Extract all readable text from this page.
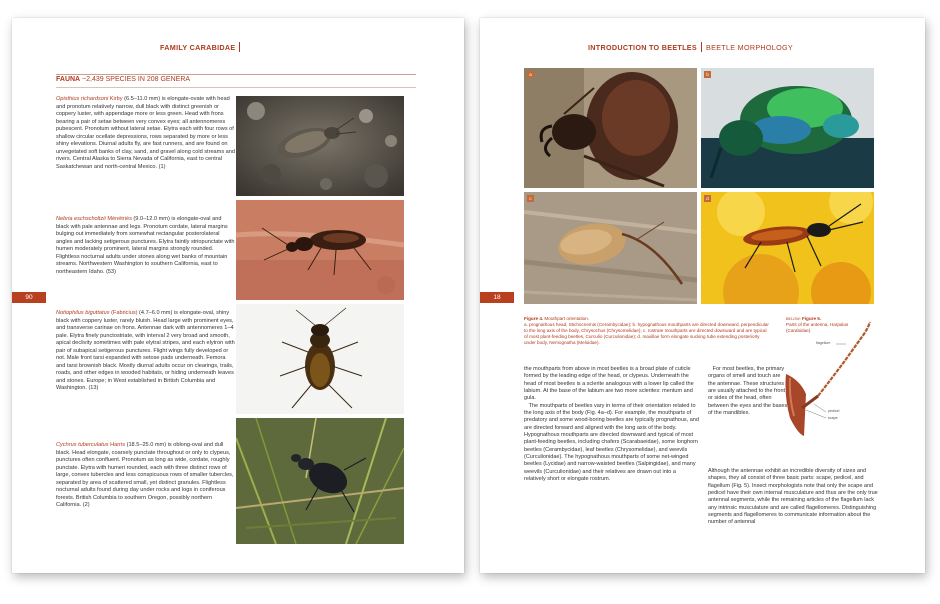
FAMILY CARABIDAE
FAUNA ~2,439 SPECIES IN 208 GENERA
Opisthius richardsoni Kirby (6.5–11.0 mm) is elongate-ovate with head and pronotum relatively narrow, dull black with distinct greenish or coppery luster, with appendage more or less green. Head with frons bearing a pair of setae between very convex eyes; all antennomeres pubescent. Pronotum without lateral setae. Elytra each with four rows of shallow circular ocellate depressions, rows separated by more or less shiny elevations. Diurnal adults fly, are fast runners, and are found on unvegetated soft banks of clay, sand, and gravel along cold streams and rivers. Central Alaska to Sierra Nevada of California, east to central Saskatchewan and north-central Mexico. (1)
Nebria eschscholtzii Ménétriés (9.0–12.0 mm) is elongate-oval and black with pale antennae and legs. Pronotum cordate, lateral margins bulging out immediately from somewhat rectangular posterolateral angles and lacking setigerous punctures. Elytra faintly striopunctate with humen moderately prominent, lateral margins strongly rounded. Flightless nocturnal adults under stones along wet banks of mountain streams. Northwestern Washington to southern California, east to northeastern Idaho. (53)
Notiophilus biguttatus (Fabricius) (4.7–6.0 mm) is elongate-oval, shiny black with coppery luster, rarely bluish. Head large with prominent eyes, and transverse carinae on frons. Antennae dark with antennomeres 1–4 pale. Elytra finely punctostriate, with interval 2 very broad and smooth, apical declivity sometimes with pale elytral stripes, and each elytron with pair of subapical setigerous punctures. Flight wings fully developed or not. Male front tarsi expanded with setose pads underneath. Femora and tarsi brownish black. Mostly diurnal adults occur on clearings, trails, roads, and other edges in wooded habitats, or hiding underneath leaves and stones. Europe; in West established in British Columbia and Washington. (13)
Cychrus tuberculatus Harris (18.5–25.0 mm) is oblong-oval and dull black. Head elongate, coarsely punctate throughout or only to clypeus, punctures often confluent. Pronotum as long as wide, cordate, roughly punctate. Elytra with humeri rounded, each with three distinct rows of large, convex tubercles and less conspicuous rows of smaller tubercles, separated by area of scattered small, yet distinct granules. Flightless nocturnal adults found during day under rocks and logs in coniferous forests. British Columbia to southern Oregon, possibly northern California. (2)
90
INTRODUCTION TO BEETLES BEETLE MORPHOLOGY
a	b
c	d
18
Figure 4. Mouthpart orientation.
a. prognathous head, Stichocnemis (Cerambycidae); b. hypognathous mouthparts are directed downward, perpendicular to the long axis of the body, Chrysochus (Chrysomelidae); c. rostrate mouthparts are directed downward and are typical of most plant-feeding beetles, Curculio (Curculionidae); d. maxillae form elongate sucking tube extending posteriorly under body, Nemognatha (Meloidae).
BELOW: Figure 5.
Parts of the antenna, Harpalus (Carabidae).
flagellum
pedicel
scape
the mouthparts from above in most beetles is a broad plate of cuticle formed by the leading edge of the head, or clypeus. Underneath the head of most beetles is a sclerite analogous with a lower lip called the labium. At the base of the labium are two more sclerites: mentum and gula.
The mouthparts of beetles vary in terms of their orientation related to the long axis of the body (Fig. 4a–d). For example, the mouthparts of predatory and some wood-boring beetles are typically prognathous, and are directed forward and aligned with the long axis of the body. Hypognathous mouthparts are directed downward and typical of most plant-feeding beetles, including chafers (Scarabaeidae), some longhorn beetles (Cerambycidae), leaf beetles (Chrysomelidae), and weevils (Curculionidae). The hypognathous mouthparts of some net-winged beetles (Lycidae) and narrow-waisted beetles (Salpingidae), and many weevils (Curculionidae) and their relatives are drawn out into a relatively short or elongate rostrum.
For most beetles, the primary organs of smell and touch are the antennae. These structures are usually attached to the front or sides of the head, often between the eyes and the bases of the mandibles.
Although the antennae exhibit an incredible diversity of sizes and shapes, they all consist of three basic parts: scape, pedicel, and flagellum (Fig. 5). Insect morphologists note that only the scape and pedicel have their own internal musculature and thus are the only true antennal segments, while the remaining articles of the flagellum lack any intrinsic musculature and are called flagellomeres. Distinguishing segments and flagellomeres to communicate information about the number of antennal
